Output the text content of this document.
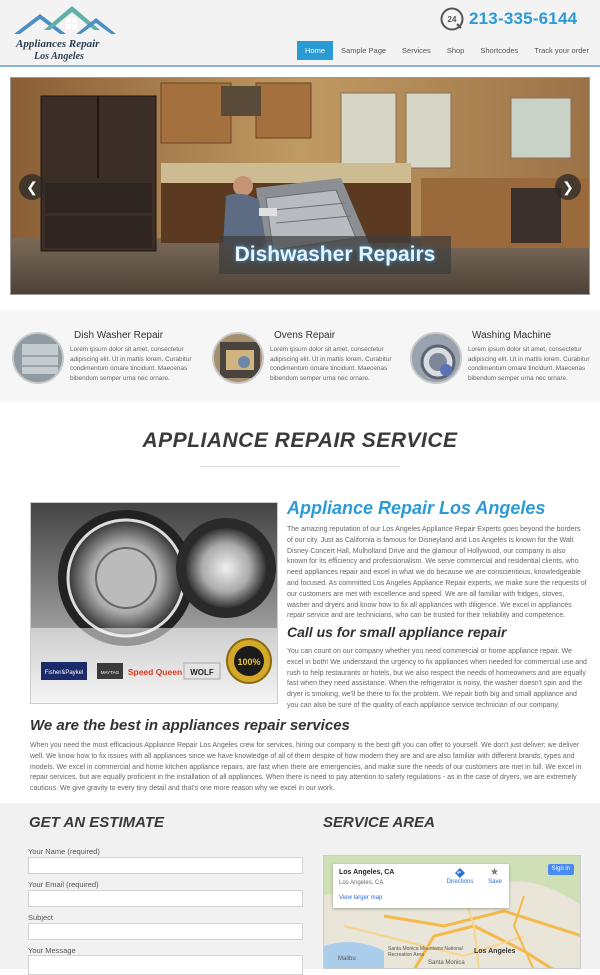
Appliances Repair
Los Angeles
24 213-335-6144
Home	Sample Page	Services	Shop	Shortcodes	Track your order
❮	❯
Dishwasher Repairs
Dish Washer Repair

Lorem ipsum dolor sit amet, consectetur adipiscing elit. Ut in mattis lorem. Curabitur condimentum ornare tincidunt. Maecenas bibendum semper urna nec ornare.

Ovens Repair

Lorem ipsum dolor sit amet, consectetur adipiscing elit. Ut in mattis lorem. Curabitur condimentum ornare tincidunt. Maecenas bibendum semper urna nec ornare.

Washing Machine

Lorem ipsum dolor sit amet, consectetur adipiscing elit. Ut in mattis lorem. Curabitur condimentum ornare tincidunt. Maecenas bibendum semper urna nec ornare.

APPLIANCE REPAIR SERVICE
Fisher&Paykel	MAYTAG Speed Queen WOLF
100%
Appliance Repair Los Angeles

The amazing reputation of our Los Angeles Appliance Repair Experts goes beyond the borders of our city. Just as California is famous for Disneyland and Los Angeles is known for the Walt Disney Concert Hall, Mulholland Drive and the glamour of Hollywood, our company is also known for its efficiency and professionalism. We serve commercial and residential clients, who need appliances repair and excel in what we do because we are conscientious, knowledgeable and focused. As committed Los Angeles Appliance Repair experts, we make sure the requests of our customers are met with excellence and speed. We are all familiar with fridges, stoves, washer and dryers and know how to fix all appliances with diligence. We excel in appliances repair service and are technicians, who can be trusted for their reliability and competence.

Call us for small appliance repair

You can count on our company whether you need commercial or home appliance repair. We excel in both! We understand the urgency to fix appliances when needed for commercial use and rush to help restaurants or hotels, but we also respect the needs of homeowners and are equally fast when they need assistance. When the refrigerator is noisy, the washer doesn't spin and the dryer is smoking, we'll be there to fix the problem. We repair both big and small appliance and you can also be sure of the quality of each appliance service technician of our company.

We are the best in appliances repair services

When you need the most efficacious Appliance Repair Los Angeles crew for services, hiring our company is the best gift you can offer to yourself. We don't just deliver; we deliver well. We know how to fix issues with all appliances since we have knowledge of all of them despite of how modern they are and are also familiar with different brands, types and models. We excel in commercial and home kitchen appliance repairs, are fast when there are emergencies, and make sure the needs of our customers are met in full. We excel in repair services, but are equally proficient in the installation of all appliances. When there is need to pay attention to safety regulations - as in the case of dryers, we are extremely cautious. We give gravity to every tiny detail and that's one more reason why we excel in our work.

GET AN ESTIMATE
Your Name (required)
Your Email (required)
Subject
Your Message
SERVICE AREA
Los Angeles, CA
Los Angeles, CA
View larger map
Directions
★
Save
Sign in
Malibu
Santa Monica Mountains National Recreation Area
Santa Monica
Los Angeles
